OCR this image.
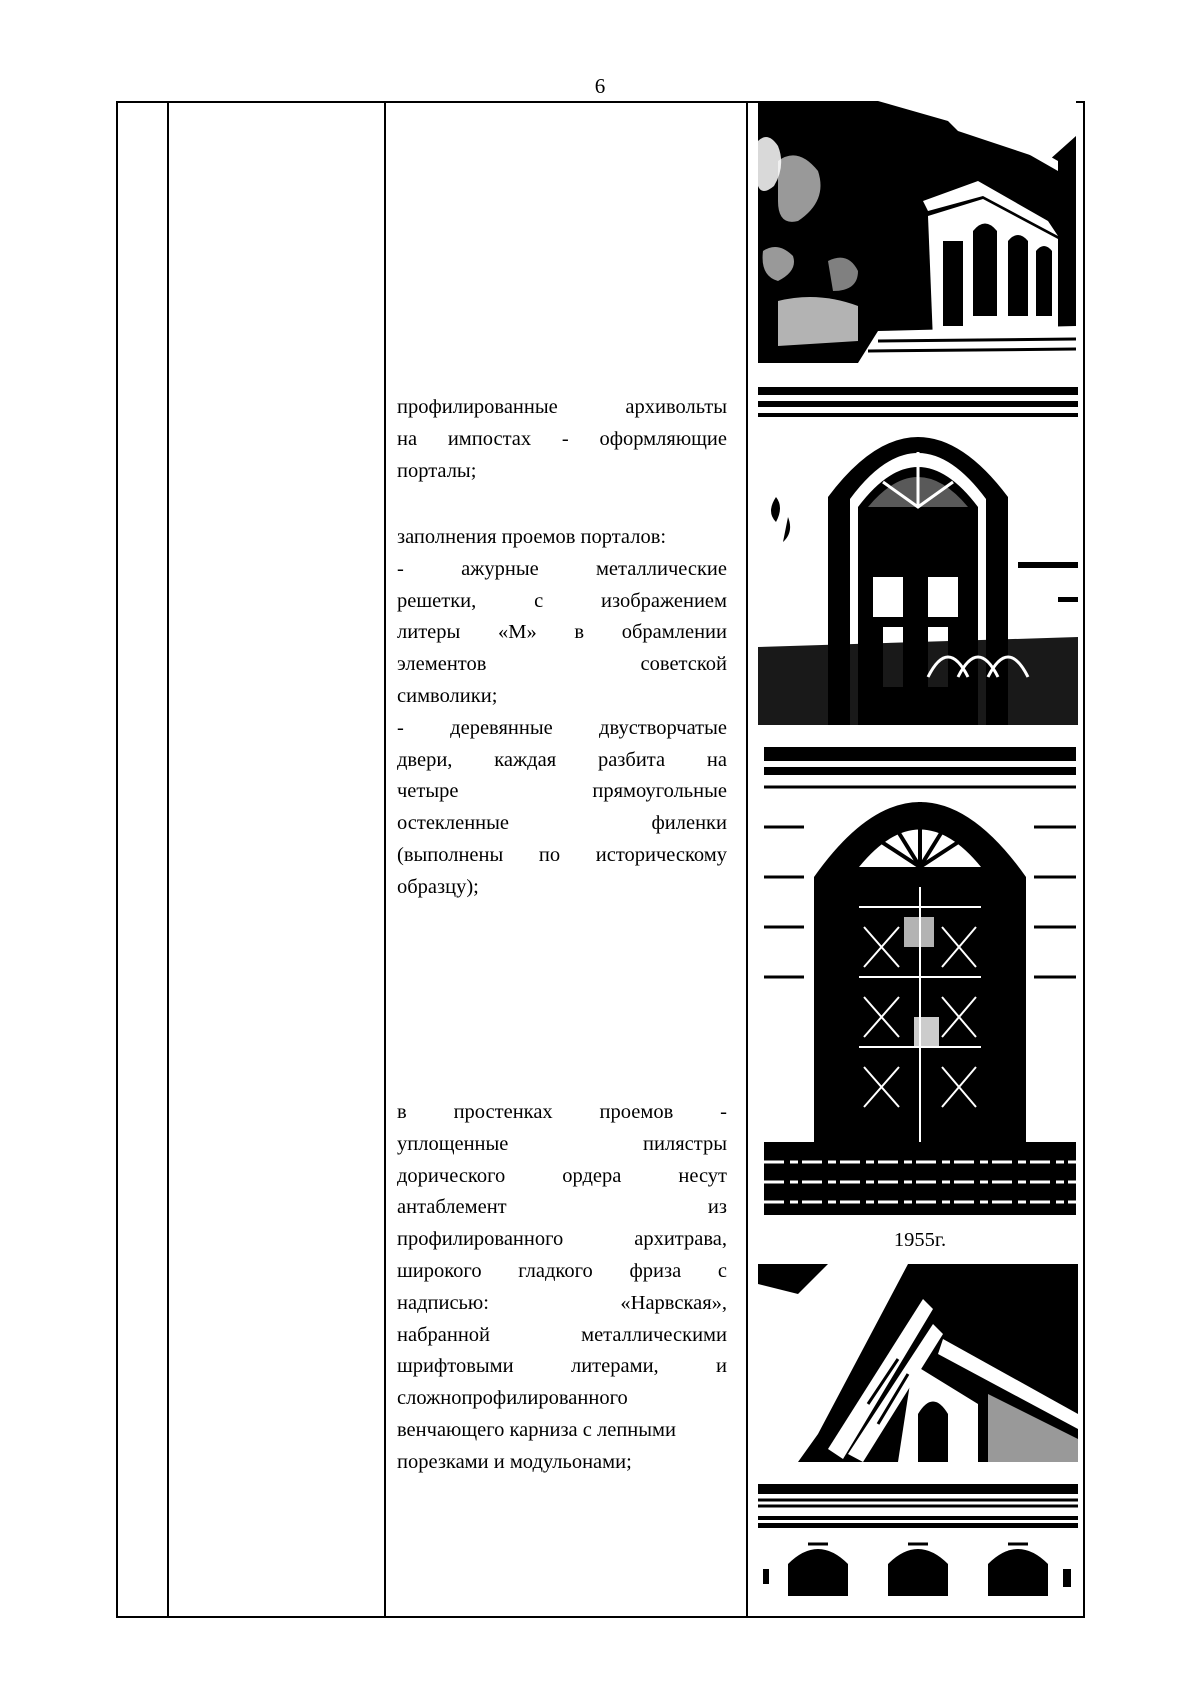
6
профилированные архивольты
на импостах - оформляющие
порталы;
заполнения проемов порталов:
- ажурные металлические
решетки, с изображением
литеры «М» в обрамлении
элементов советской
символики;
- деревянные двустворчатые
двери, каждая разбита на
четыре прямоугольные
остекленные филенки
(выполнены по историческому
образцу);
в простенках проемов -
уплощенные пилястры
дорического ордера несут
антаблемент из
профилированного архитрава,
широкого гладкого фриза с
надписью: «Нарвская»,
набранной металлическими
шрифтовыми литерами, и
сложнопрофилированного
венчающего карниза с лепными
порезками и модульонами;
1955г.
